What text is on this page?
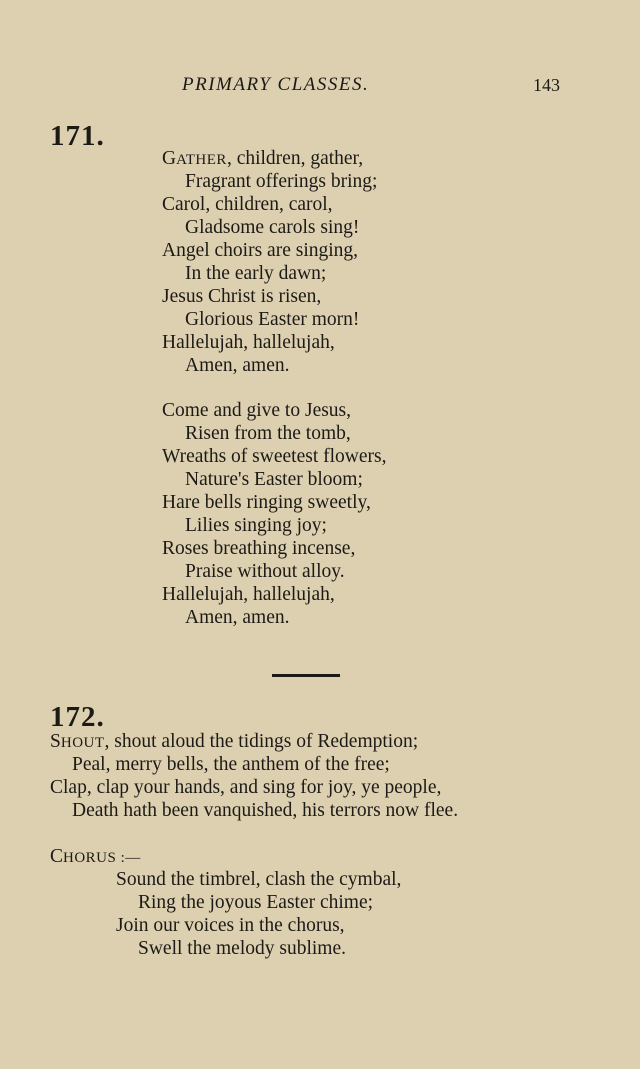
PRIMARY CLASSES.	143
171.
GATHER, children, gather,
Fragrant offerings bring;
Carol, children, carol,
Gladsome carols sing!
Angel choirs are singing,
In the early dawn;
Jesus Christ is risen,
Glorious Easter morn!
Hallelujah, hallelujah,
Amen, amen.
Come and give to Jesus,
Risen from the tomb,
Wreaths of sweetest flowers,
Nature's Easter bloom;
Hare bells ringing sweetly,
Lilies singing joy;
Roses breathing incense,
Praise without alloy.
Hallelujah, hallelujah,
Amen, amen.
172.
SHOUT, shout aloud the tidings of Redemption;
Peal, merry bells, the anthem of the free;
Clap, clap your hands, and sing for joy, ye people,
Death hath been vanquished, his terrors now flee.
CHORUS :—
Sound the timbrel, clash the cymbal,
Ring the joyous Easter chime;
Join our voices in the chorus,
Swell the melody sublime.
